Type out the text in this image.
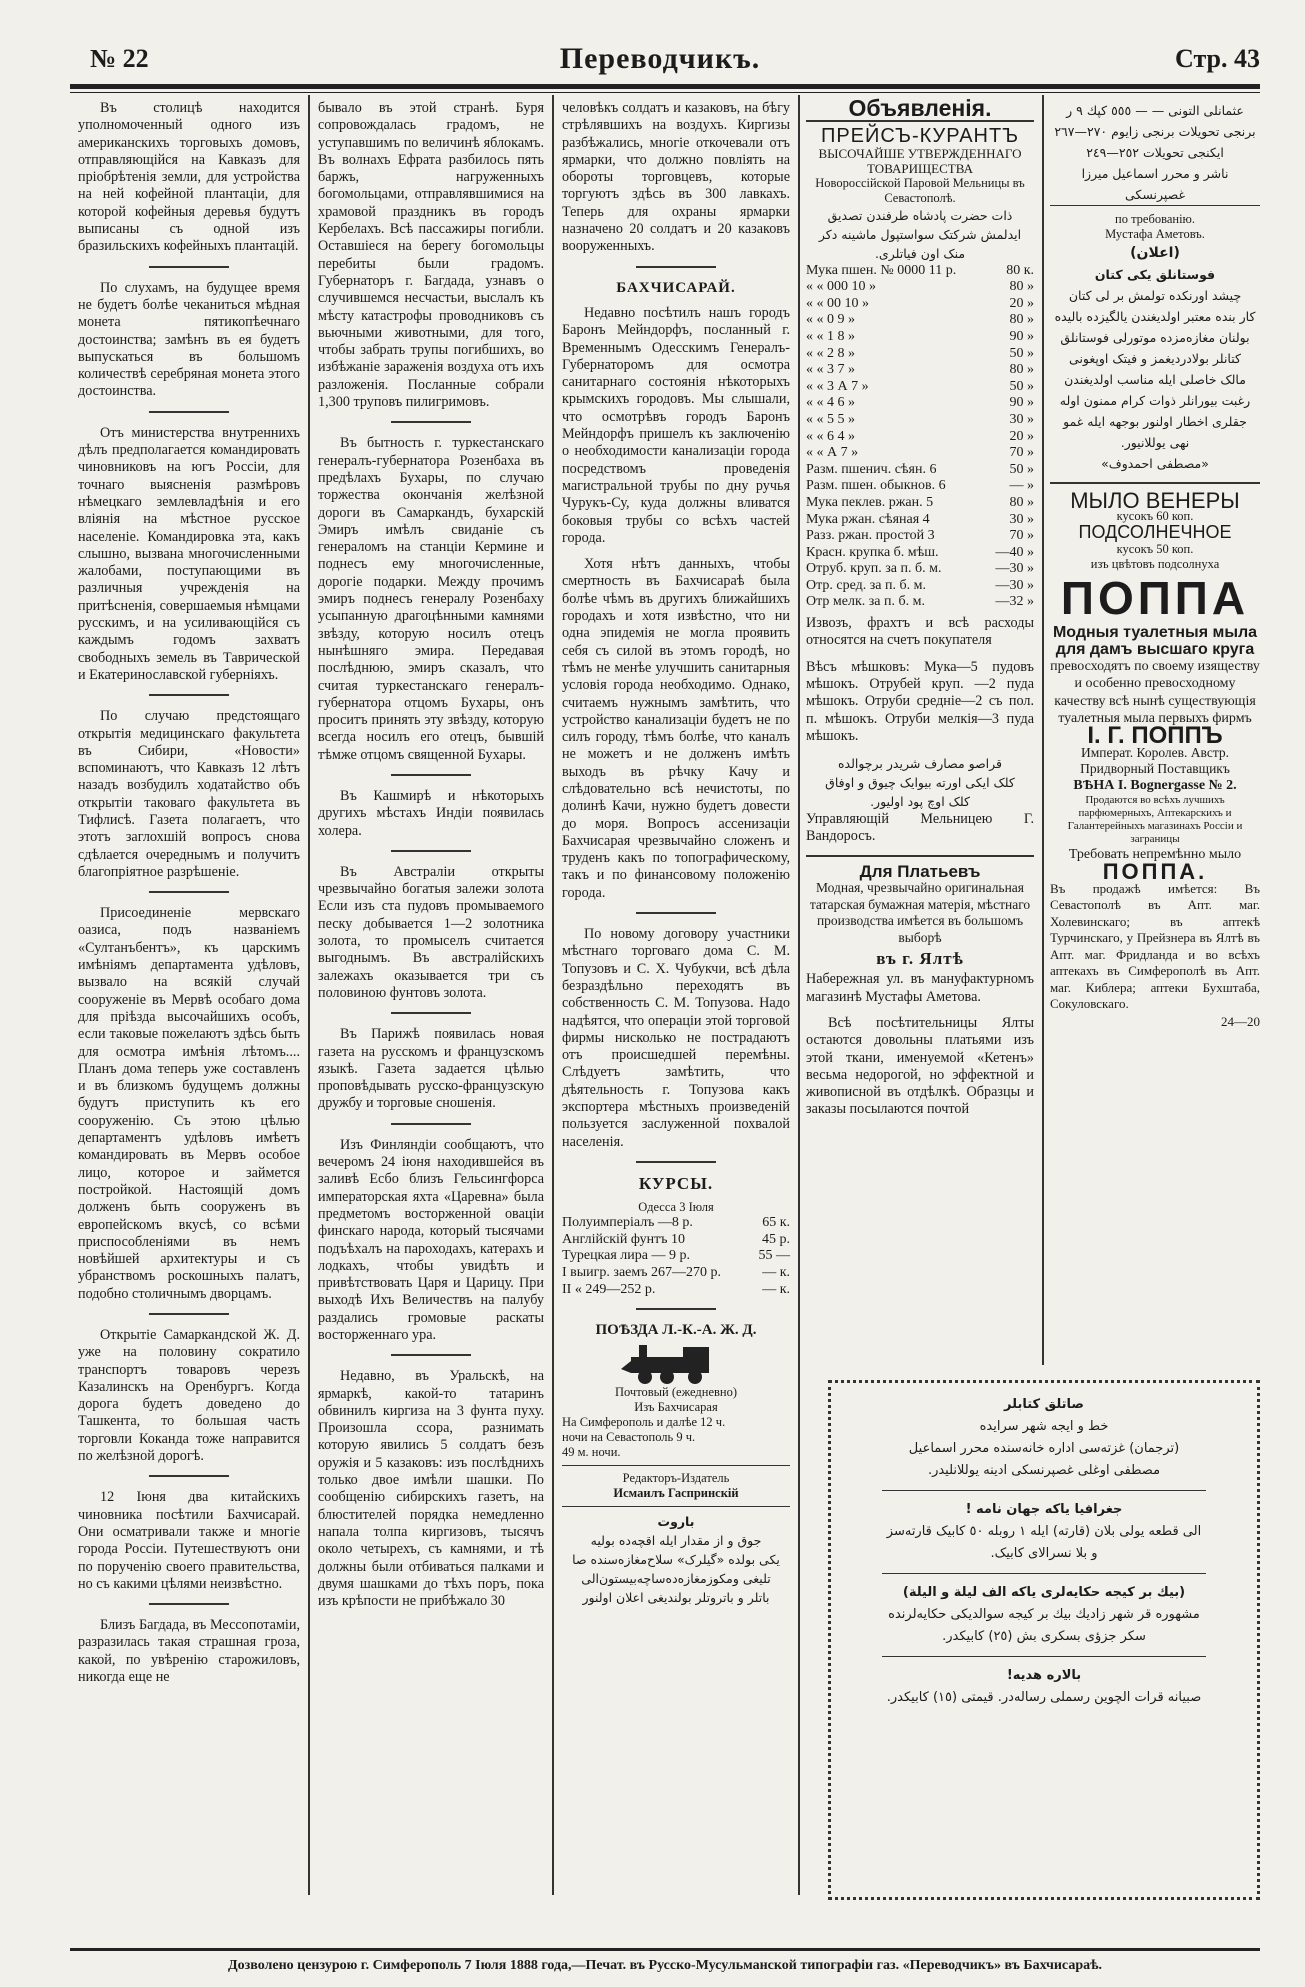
№ 22	Переводчикъ.	Стр. 43

Въ столицѣ находится уполномоченный одного изъ американскихъ торговыхъ домовъ, отправляющійся на Кавказъ для пріобрѣтенія земли, для устройства на ней кофейной плантаціи, для которой кофейныя деревья будутъ выписаны съ одной изъ бразильскихъ кофейныхъ плантацій.

По слухамъ, на будущее время не будетъ болѣе чеканиться мѣдная монета пятикопѣечнаго достоинства; замѣнъ въ ея будетъ выпускаться въ большомъ количествѣ серебряная монета этого достоинства.

Отъ министерства внутреннихъ дѣлъ предполагается командировать чиновниковъ на югъ Россіи, для точнаго выясненія размѣровъ нѣмецкаго землевладѣнія и его вліянія на мѣстное русское населеніе. Командировка эта, какъ слышно, вызвана многочисленными жалобами, поступающими въ различныя учрежденія на притѣсненія, совершаемыя нѣмцами русскимъ, и на усиливающійся съ каждымъ годомъ захватъ свободныхъ земель въ Таврической и Екатеринославской губерніяхъ.

По случаю предстоящаго открытія медицинскаго факультета въ Сибири, «Новости» вспоминаютъ, что Кавказъ 12 лѣтъ назадъ возбудилъ ходатайство объ открытіи таковаго факультета въ Тифлисѣ. Газета полагаетъ, что этотъ заглохшій вопросъ снова сдѣлается очереднымъ и получитъ благопріятное разрѣшеніе.

Присоединеніе мервскаго оазиса, подъ названіемъ «Султанъбентъ», къ царскимъ имѣніямъ департамента удѣловъ, вызвало на всякій случай сооруженіе въ Мервѣ особаго дома для пріѣзда высочайшихъ особъ, если таковые пожелаютъ здѣсь быть для осмотра имѣнія лѣтомъ.... Планъ дома теперь уже составленъ и въ близкомъ будущемъ должны будутъ приступить къ его сооруженію. Съ этою цѣлью департаментъ удѣловъ имѣетъ командировать въ Мервъ особое лицо, которое и займется постройкой. Настоящій домъ долженъ быть сооруженъ въ европейскомъ вкусѣ, со всѣми приспособленіями въ немъ новѣйшей архитектуры и съ убранствомъ роскошныхъ палатъ, подобно столичнымъ дворцамъ.

Открытіе Самаркандской Ж. Д. уже на половину сократило транспортъ товаровъ черезъ Казалинскъ на Оренбургъ. Когда дорога будетъ доведено до Ташкента, то большая часть торговли Коканда тоже направится по желѣзной дорогѣ.

12 Іюня два китайскихъ чиновника посѣтили Бахчисарай. Они осматривали также и многіе города Россіи. Путешествуютъ они по порученію своего правительства, но съ какими цѣлями неизвѣстно.

Близъ Багдада, въ Мессопотаміи, разразилась такая страшная гроза, какой, по увѣренію старожиловъ, никогда еще не

бывало въ этой странѣ. Буря сопровождалась градомъ, не уступавшимъ по величинѣ яблокамъ. Въ волнахъ Ефрата разбилось пять баржъ, нагруженныхъ богомольцами, отправлявшимися на храмовой праздникъ въ городъ Кербелахъ. Всѣ пассажиры погибли. Оставшіеся на берегу богомольцы перебиты были градомъ. Губернаторъ г. Багдада, узнавъ о случившемся несчастьи, выслалъ къ мѣсту катастрофы проводниковъ съ вьючными животными, для того, чтобы забрать трупы погибшихъ, во избѣжаніе зараженія воздуха отъ ихъ разложенія. Посланные собрали 1,300 труповъ пилигримовъ.

Въ бытность г. туркестанскаго генералъ-губернатора Розенбаха въ предѣлахъ Бухары, по случаю торжества окончанія желѣзной дороги въ Самаркандъ, бухарскій Эмиръ имѣлъ свиданіе съ генераломъ на станціи Кермине и поднесъ ему многочисленные, дорогіе подарки. Между прочимъ эмиръ поднесъ генералу Розенбаху усыпанную драгоцѣнными камнями звѣзду, которую носилъ отецъ нынѣшняго эмира. Передавая послѣднюю, эмиръ сказалъ, что считая туркестанскаго генералъ-губернатора отцомъ Бухары, онъ проситъ принять эту звѣзду, которую всегда носилъ его отецъ, бывшій тѣмже отцомъ священной Бухары.

Въ Кашмирѣ и нѣкоторыхъ другихъ мѣстахъ Индіи появилась холера.

Въ Австраліи открыты чрезвычайно богатыя залежи золота Если изъ ста пудовъ промываемого песку добывается 1—2 золотника золота, то промыселъ считается выгоднымъ. Въ австралійскихъ залежахъ оказывается три съ половиною фунтовъ золота.

Въ Парижѣ появилась новая газета на русскомъ и французскомъ языкѣ. Газета задается цѣлью проповѣдывать русско-французскую дружбу и торговые сношенія.

Изъ Финляндіи сообщаютъ, что вечеромъ 24 іюня находившейся въ заливѣ Есбо близъ Гельсингфорса императорская яхта «Царевна» была предметомъ восторженной оваціи финскаго народа, который тысячами подъѣхалъ на пароходахъ, катерахъ и лодкахъ, чтобы увидѣть и привѣтствовать Царя и Царицу. При выходѣ Ихъ Величествъ на палубу раздались громовые раскаты восторженнаго ура.

Недавно, въ Уральскѣ, на ярмаркѣ, какой-то татаринъ обвинилъ киргиза на 3 фунта пуху. Произошла ссора, разнимать которую явились 5 солдатъ безъ оружія и 5 казаковъ: изъ послѣднихъ только двое имѣли шашки. По сообщенію сибирскихъ газетъ, на блюстителей порядка немедленно напала толпа киргизовъ, тысячъ около четырехъ, съ камнями, и тѣ должны были отбиваться палками и двумя шашками до тѣхъ поръ, пока изъ крѣпости не прибѣжало 30

человѣкъ солдатъ и казаковъ, на бѣгу стрѣлявшихъ на воздухъ. Киргизы разбѣжались, многіе откочевали отъ ярмарки, что должно повліять на обороты торговцевъ, которые торгуютъ здѣсь въ 300 лавкахъ. Теперь для охраны ярмарки назначено 20 солдатъ и 20 казаковъ вооруженныхъ.

БАХЧИСАРАЙ.

Недавно посѣтилъ нашъ городъ Баронъ Мейндорфъ, посланный г. Временнымъ Одесскимъ Генералъ-Губернаторомъ для осмотра санитарнаго состоянія нѣкоторыхъ крымскихъ городовъ. Мы слышали, что осмотрѣвъ городъ Баронъ Мейндорфъ пришелъ къ заключенію о необходимости канализаціи города посредствомъ проведенія магистральной трубы по дну ручья Чурукъ-Су, куда должны вливатся боковыя трубы со всѣхъ частей города.

Хотя нѣтъ данныхъ, чтобы смертность въ Бахчисараѣ была болѣе чѣмъ въ другихъ ближайшихъ городахъ и хотя извѣстно, что ни одна эпидемія не могла проявить себя съ силой въ этомъ городѣ, но тѣмъ не менѣе улучшить санитарныя условія города необходимо. Однако, считаемъ нужнымъ замѣтить, что устройство канализаціи будетъ не по силъ городу, тѣмъ болѣе, что каналъ не можетъ и не долженъ имѣть выходъ въ рѣчку Качу и слѣдовательно всѣ нечистоты, по долинѣ Качи, нужно будетъ довести до моря. Вопросъ ассенизаціи Бахчисарая чрезвычайно сложенъ и труденъ какъ по топографическому, такъ и по финансовому положенію города.

По новому договору участники мѣстнаго торговаго дома С. М. Топузовъ и С. Х. Чубукчи, всѣ дѣла безраздѣльно переходятъ въ собственность С. М. Топузова. Надо надѣятся, что операціи этой торговой фирмы нисколько не пострадаютъ отъ происшедшей перемѣны. Слѣдуетъ замѣтить, что дѣятельность г. Топузова какъ экспортера мѣстныхъ произведеній пользуется заслуженной похвалой населенія.

КУРСЫ.
Одесса 3 Іюля
Полуимперіалъ —8 р.	65 к.
Англійскій фунтъ 10	45 р.
Турецкая лира — 9 р.	55 —
І выигр. заемъ 267—270 р.	— к.
II « 249—252 р.	— к.
ПОѢЗДА Л.-К.-А. Ж. Д.
Почтовый (ежедневно)
Изъ Бахчисарая
На Симферополь и далѣе 12 ч.
ночи на Севастополь 9 ч.
49 м. ночи.
Редакторъ-Издатель
Исмаилъ Гаспринскій
باروت
جوق و از مقدار ایله اقچه‌ده بولیه
یکی بولده «گیلرک» سلاح‌مغازه‌سنده صا
تلیغی ومکوزمغازه‌ده‌ساچه‌بیستون‌الی
باتلر و باتروتلر بولندیغی اعلان اولنور
Объявленія.
ПРЕЙСЪ-КУРАНТЪ
ВЫСОЧАЙШЕ УТВЕРЖДЕННАГО ТОВАРИЩЕСТВА
Новороссійской Паровой Мельницы въ Севастополѣ.
ذات حضرت پادشاه طرفندن تصدیق
ایدلمش شرکتک سواستپول ماشینه دکر
منک اون فیاتلری.
Мука пшен. № 0000 11 р.	80 к.
« « 000 10 »	80 »
« « 00 10 »	20 »
« « 0 9 »	80 »
« « 1 8 »	90 »
« « 2 8 »	50 »
« « 3 7 »	80 »
« « 3 А 7 »	50 »
« « 4 6 »	90 »
« « 5 5 »	30 »
« « 6 4 »	20 »
« « А 7 »	70 »
Разм. пшенич. сѣян. 6	50 »
Разм. пшен. обыкнов. 6	— »
Мука пеклев. ржан. 5	80 »
Мука ржан. сѣяная 4	30 »
Разз. ржан. простой 3	70 »
Красн. крупка б. мѣш.	—40 »
Отруб. круп. за п. б. м.	—30 »
Отр. сред. за п. б. м.	—30 »
Отр мелк. за п. б. м.	—32 »

Извозъ, фрахтъ и всѣ расходы относятся на счетъ покупателя

Вѣсъ мѣшковъ: Мука—5 пудовъ мѣшокъ. Отрубей круп. —2 пуда мѣшокъ. Отруби средніе—2 съ пол. п. мѣшокъ. Отруби мелкія—3 пуда мѣшокъ.

قراصو مصارف شریدر برچوالده
کلک ایکی اورته بیوایک چیوق و اوفاق
کلک اوچ پود اولیور.

Управляющій Мельницею Г. Вандоросъ.

Для Платьевъ
Модная, чрезвычайно оригинальная татарская бумажная матерія, мѣстнаго производства имѣется въ большомъ выборѣ
въ г. Ялтѣ

Набережная ул. въ мануфактурномъ магазинѣ Мустафы Аметова.

Всѣ посѣтительницы Ялты остаются довольны платьями изъ этой ткани, именуемой «Кетенъ» весьма недорогой, но эффектной и живописной въ отдѣлкѣ. Образцы и заказы посылаются почтой

عثمانلی التونی — — ٥٥٥ کپك ٩ ر
برنجی تحویلات برنجی زایوم ٢٧٠—٢٦٧
ایکنجی تحویلات ٢٥٢—٢٤٩
ناشر و محرر اسماعیل میرزا غصپرنسکی
по требованію.
Мустафа Аметовъ.
(اعلان)
فوستانلق یکی کتان
چیشد اورنکده تولمش بر لی کتان
کار بنده معتبر اولدیغندن یالگیزده بالیده
بولنان مغازه‌مزده موتورلی فوستانلق
کتانلر بولادردیغمز و فیتک اوپغونی
مالک خاصلی ایله مناسب اولدیغندن
رغبت بیورانلر ذوات کرام ممنون اوله
جقلری اخطار اولنور بوجهه ایله غمو
نهی یوللانیور.
«مصطفی احمدوف»
МЫЛО ВЕНЕРЫ
кусокъ 60 коп.
ПОДСОЛНЕЧНОЕ
кусокъ 50 коп.
изъ цвѣтовъ подсолнуха
ПОППА
Модныя туалетныя мыла
для дамъ высшаго круга
превосходятъ по своему изяществу и особенно превосходному качеству всѣ нынѣ существующія туалетныя мыла первыхъ фирмъ
І. Г. ПОППЪ
Императ. Королев. Австр. Придворный Поставщикъ
ВѢНА І. Bognergasse № 2.
Продаются во всѣхъ лучшихъ парфюмерныхъ, Аптекарскихъ и Галантерейныхъ магазинахъ Россіи и заграницы
Требовать непремѣнно мыло
ПОППА.
Въ продажѣ имѣется: Въ Севастополѣ въ Апт. маг. Холевинскаго; въ аптекѣ Турчинскаго, у Прейзнера въ Ялтѣ въ Апт. маг. Фридланда и во всѣхъ аптекахъ въ Симферополѣ въ Апт. маг. Киблера; аптеки Бухштаба, Сокуловскаго.
24—20
صاتلق کتابلر
خط و ایجه شهر سرایده
(ترجمان) غزته‌سی اداره خانه‌سنده‌ محرر اسماعیل
مصطفی اوغلی غصپرنسکی ادینه یوللانلیدر.
جغرافیا یاکه جهان نامه !
الی قطعه یولی بلان (قارته) ایله ١ روبله ٥٠ کابیک قارته‌سز
و بلا نسرالای کابیک.
(بیك بر کیجه حکایه‌لری یاکه الف لیلة و الیلة)
مشهوره قر شهر زادیك بیك بر کیجه سوالدیکی حکایه‌لرنده
سکر جزؤی بسکری بش (٢٥) کابیکدر.
بالاره هدیه!
صبیانه قرات الچوین رسملی رساله‌در. قیمتی (١٥) کابیکدر.
Дозволено цензурою г. Симферополь 7 Іюля 1888 года,—Печат. въ Русско-Мусульманской типографіи газ. «Переводчикъ» въ Бахчисараѣ.
